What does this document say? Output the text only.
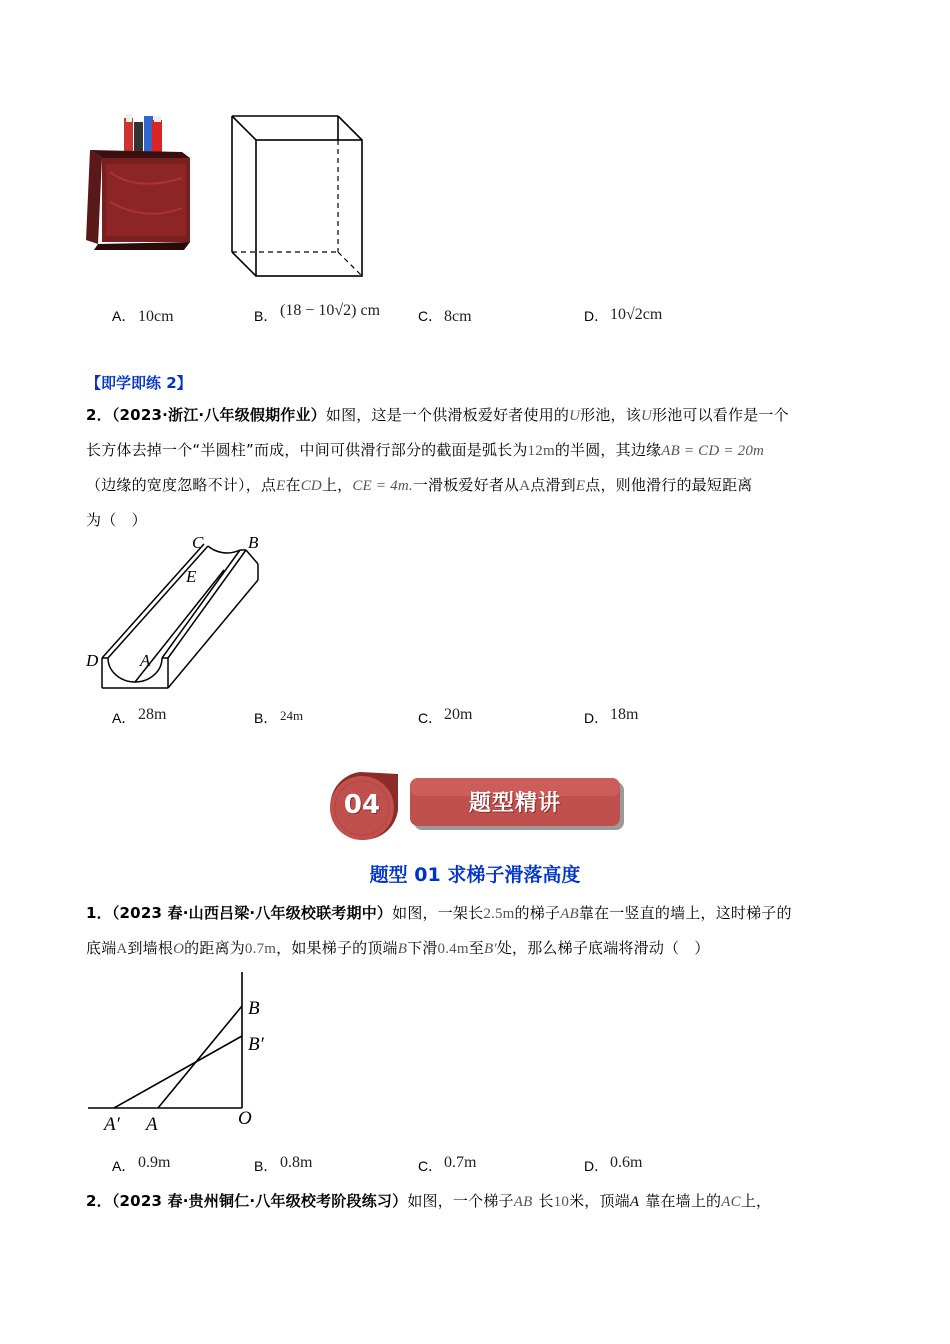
A． 10cm	B． (18 − 10√2) cm	C． 8cm	D． 10√2cm
【即学即练 2】
2．（2023·浙江·八年级假期作业）如图，这是一个供滑板爱好者使用的U形池，该U形池可以看作是一个
长方体去掉一个“半圆柱”而成，中间可供滑行部分的截面是弧长为12m的半圆，其边缘AB = CD = 20m
（边缘的宽度忽略不计），点E在CD上，CE = 4m.一滑板爱好者从A点滑到E点，则他滑行的最短距离
为（　）
C	B
E
D A
A． 28m	B． 24m	C． 20m	D． 18m
04	题型精讲
题型 01 求梯子滑落高度
1．（2023 春·山西吕梁·八年级校联考期中）如图，一架长2.5m的梯子AB靠在一竖直的墙上，这时梯子的
底端A到墙根O的距离为0.7m，如果梯子的顶端B下滑0.4m至B′处，那么梯子底端将滑动（　）
B
B′
A′ A	O
A． 0.9m	B． 0.8m	C． 0.7m	D． 0.6m
2．（2023 春·贵州铜仁·八年级校考阶段练习）如图，一个梯子AB 长10米，顶端A 靠在墙上的AC上，
